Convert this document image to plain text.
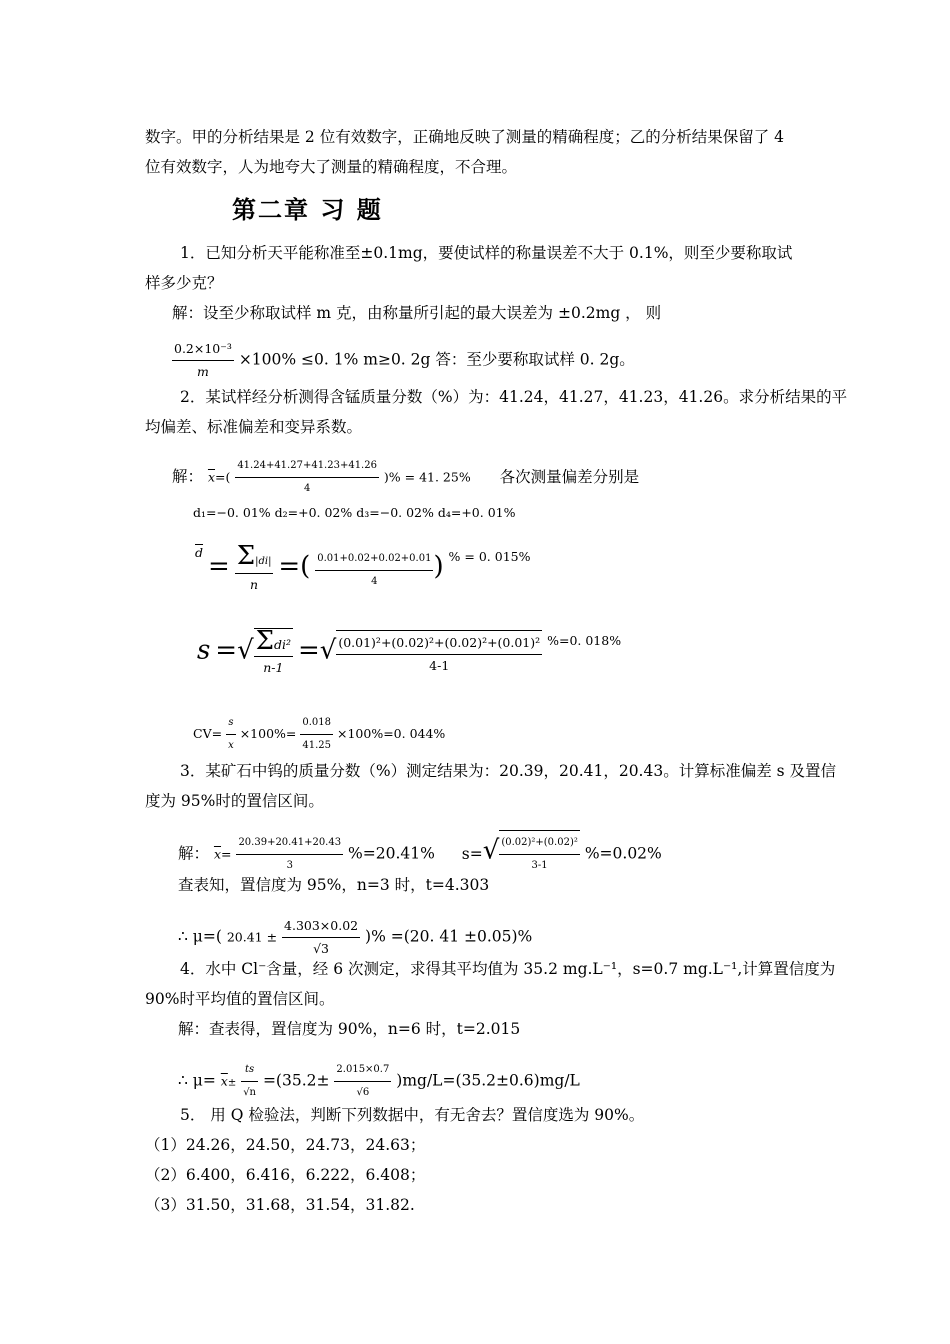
数字。甲的分析结果是 2 位有效数字，正确地反映了测量的精确程度；乙的分析结果保留了 4
位有效数字，人为地夸大了测量的精确程度，不合理。
第二章 习 题
1．已知分析天平能称准至±0.1mg，要使试样的称量误差不大于 0.1%，则至少要称取试
样多少克？
解：设至少称取试样 m 克，由称量所引起的最大误差为 ±0.2mg ， 则
$\frac{\text{0.2×10⁻³}}{m} \times 100\% \le 0$. 1% m≥0. 2g 答：至少要称取试样 0. 2g。
2．某试样经分析测得含锰质量分数（%）为：41.24，41.27，41.23，41.26。求分析结果的平
均偏差、标准偏差和变异系数。
解： $\overline{x}=( \frac{41.24+41.27+41.23+41.26}{4}$ )% = 41. 25% 各次测量偏差分别是
d₁=−0. 01% d₂=+0. 02% d₃=−0. 02% d₄=+0. 01%
$^{\overline{d}} = \frac{\Sigma|di|}{n}$ =( $\frac{0.01+0.02+0.02+0.01}{4}$ ) $^{\% = 0. 015\%}$
s =√ $\frac{\text{Σdi²}}{n-1}$ =√ $\frac{\text{(0.01)²+(0.02)²+(0.02)²+(0.01)²}}{4-1} ^{\%=0. 018\%}$
$CV= \frac{s}{x} \times 100\%= \frac{0.018}{41.25} \times 100\%=0$. 044%
3．某矿石中钨的质量分数（%）测定结果为：20.39，20.41，20.43。计算标准偏差 s 及置信
度为 95%时的置信区间。
解： $\overline{x}= \frac{20.39+20.41+20.43}{3} \%=20.41\%$ $s=√ \frac{\text{(0.02)²+(0.02)²}}{3-1} \%=0.02\%$
查表知，置信度为 95%，n=3 时，t=4.303
∴ μ=( $20.41 \pm \frac{4.303\times 0.02}{√3}$ )% =(20. 41 ±0.05)%
4．水中 Cl⁻含量，经 6 次测定，求得其平均值为 35.2 mg.L⁻¹，s=0.7 mg.L⁻¹,计算置信度为
90%时平均值的置信区间。
解：查表得，置信度为 90%，n=6 时，t=2.015
∴ $\mu= \overline{x}\pm \frac{ts}{√n} =(35.2\pm \frac{2.015\times 0.7}{√6} )mg/L=(35.2\pm 0.6)mg/L$
5． 用 Q 检验法，判断下列数据中，有无舍去？置信度选为 90%。
（1）24.26，24.50，24.73，24.63；
（2）6.400，6.416，6.222，6.408；
（3）31.50，31.68，31.54，31.82.
